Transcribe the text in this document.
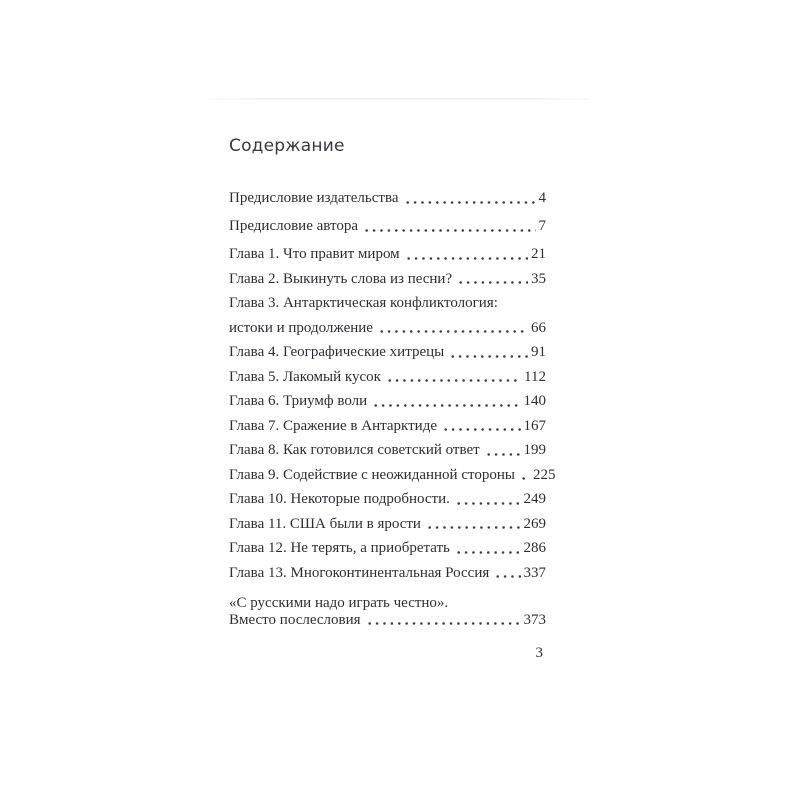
Содержание
Предисловие издательства	4
Предисловие автора	7
Глава 1. Что правит миром	21
Глава 2. Выкинуть слова из песни?	35
Глава 3. Антарктическая конфликтология:
истоки и продолжение	66
Глава 4. Географические хитрецы	91
Глава 5. Лакомый кусок	112
Глава 6. Триумф воли	140
Глава 7. Сражение в Антарктиде	167
Глава 8. Как готовился советский ответ	199
Глава 9. Содействие с неожиданной стороны 225
Глава 10. Некоторые подробности.	249
Глава 11. США были в ярости	269
Глава 12. Не терять, а приобретать	286
Глава 13. Многоконтинентальная Россия 337
«С русскими надо играть честно».
Вместо послесловия	373
3
